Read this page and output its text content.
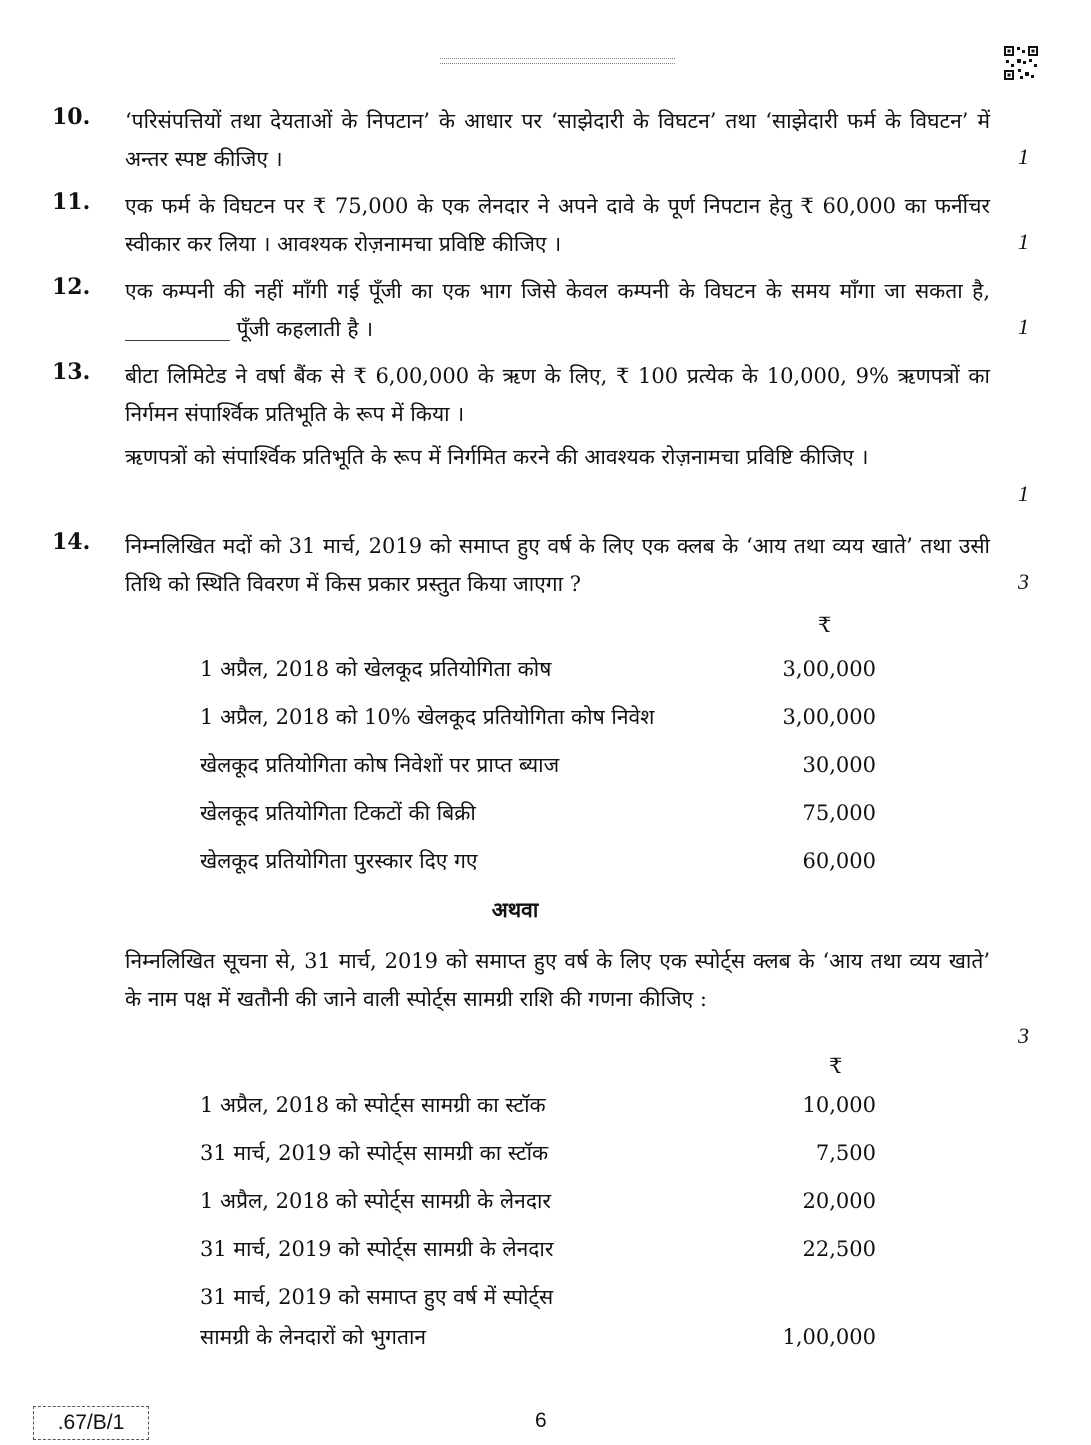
10. ‘परिसंपत्तियों तथा देयताओं के निपटान’ के आधार पर ‘साझेदारी के विघटन’ तथा ‘साझेदारी फर्म के विघटन’ में अन्तर स्पष्ट कीजिए ।	1
11. एक फर्म के विघटन पर ₹ 75,000 के एक लेनदार ने अपने दावे के पूर्ण निपटान हेतु ₹ 60,000 का फर्नीचर स्वीकार कर लिया । आवश्यक रोज़नामचा प्रविष्टि कीजिए ।	1
12. एक कम्पनी की नहीं माँगी गई पूँजी का एक भाग जिसे केवल कम्पनी के विघटन के समय माँगा जा सकता है, __________ पूँजी कहलाती है ।	1
13. बीटा लिमिटेड ने वर्षा बैंक से ₹ 6,00,000 के ऋण के लिए, ₹ 100 प्रत्येक के 10,000, 9% ऋणपत्रों का निर्गमन संपार्श्विक प्रतिभूति के रूप में किया ।
ऋणपत्रों को संपार्श्विक प्रतिभूति के रूप में निर्गमित करने की आवश्यक रोज़नामचा प्रविष्टि कीजिए ।
1
14. निम्नलिखित मदों को 31 मार्च, 2019 को समाप्त हुए वर्ष के लिए एक क्लब के ‘आय तथा व्यय खाते’ तथा उसी तिथि को स्थिति विवरण में किस प्रकार प्रस्तुत किया जाएगा ?	3
₹
1 अप्रैल, 2018 को खेलकूद प्रतियोगिता कोष	3,00,000
1 अप्रैल, 2018 को 10% खेलकूद प्रतियोगिता कोष निवेश	3,00,000
खेलकूद प्रतियोगिता कोष निवेशों पर प्राप्त ब्याज	30,000
खेलकूद प्रतियोगिता टिकटों की बिक्री	75,000
खेलकूद प्रतियोगिता पुरस्कार दिए गए	60,000
अथवा
निम्नलिखित सूचना से, 31 मार्च, 2019 को समाप्त हुए वर्ष के लिए एक स्पोर्ट्स क्लब के ‘आय तथा व्यय खाते’ के नाम पक्ष में खतौनी की जाने वाली स्पोर्ट्स सामग्री राशि की गणना कीजिए :
3
₹
1 अप्रैल, 2018 को स्पोर्ट्स सामग्री का स्टॉक	10,000
31 मार्च, 2019 को स्पोर्ट्स सामग्री का स्टॉक	7,500
1 अप्रैल, 2018 को स्पोर्ट्स सामग्री के लेनदार	20,000
31 मार्च, 2019 को स्पोर्ट्स सामग्री के लेनदार	22,500
31 मार्च, 2019 को समाप्त हुए वर्ष में स्पोर्ट्स
सामग्री के लेनदारों को भुगतान	1,00,000
.67/B/1	6
